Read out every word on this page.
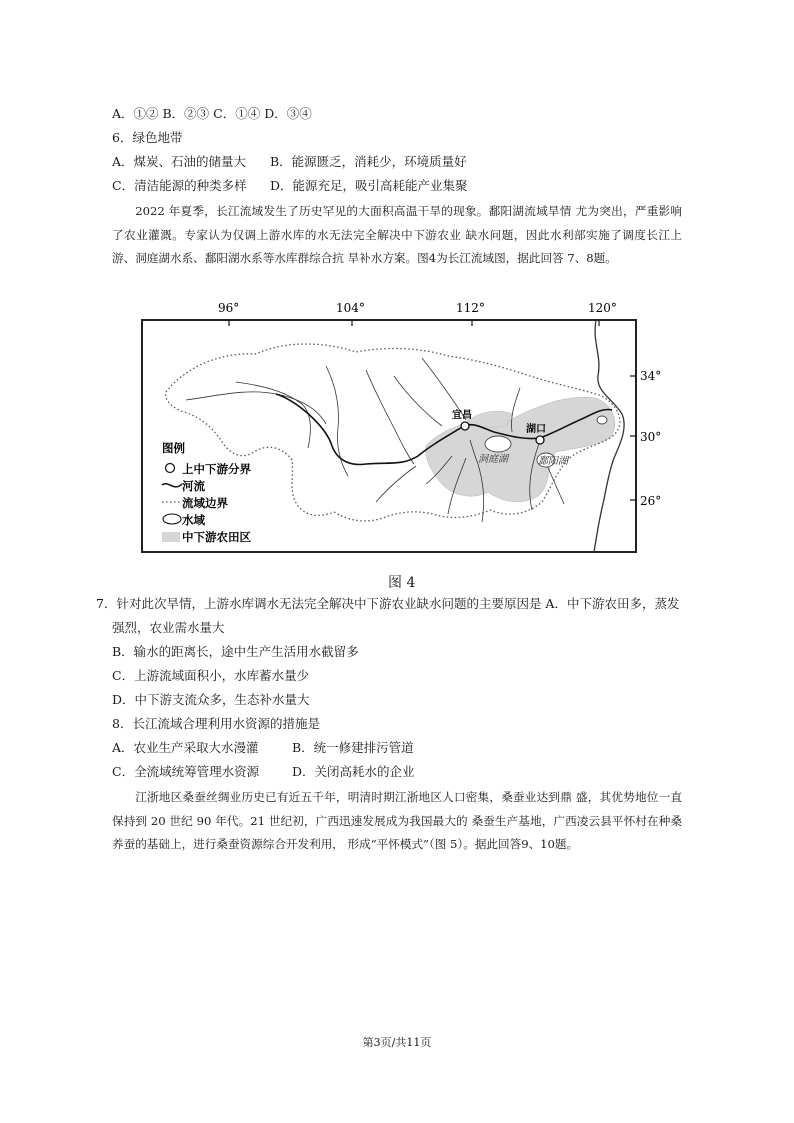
A．①② B．②③ C．①④ D．③④
6．绿色地带
A．煤炭、石油的储量大 B．能源匮乏，消耗少，环境质量好
C．清洁能源的种类多样 D．能源充足，吸引高耗能产业集聚

2022 年夏季，长江流域发生了历史罕见的大面积高温干旱的现象。鄱阳湖流域旱情 尤为突出，严重影响了农业灌溉。专家认为仅调上游水库的水无法完全解决中下游农业 缺水问题，因此水利部实施了调度长江上游、洞庭湖水系、鄱阳湖水系等水库群综合抗 旱补水方案。图4为长江流域图，据此回答 7、8题。

96°	104°	112°	120°
34°
30°
26°
宜昌
湖口
洞庭湖	鄱阳湖
图例
上中下游分界
河流
流域边界
水域
中下游农田区
图 4
7．针对此次旱情，上游水库调水无法完全解决中下游农业缺水问题的主要原因是 A．中下游农田多，蒸发
强烈，农业需水量大
B．输水的距离长，途中生产生活用水截留多
C．上游流域面积小，水库蓄水量少
D．中下游支流众多，生态补水量大
8．长江流域合理利用水资源的措施是
A．农业生产采取大水漫灌	B．统一修建排污管道
C．全流域统筹管理水资源	D．关闭高耗水的企业

江浙地区桑蚕丝绸业历史已有近五千年，明清时期江浙地区人口密集，桑蚕业达到鼎 盛，其优势地位一直保持到 20 世纪 90 年代。21 世纪初，广西迅速发展成为我国最大的 桑蚕生产基地，广西凌云县平怀村在种桑养蚕的基础上，进行桑蚕资源综合开发利用， 形成“平怀模式”（图 5）。据此回答9、10题。

第3页/共11页
